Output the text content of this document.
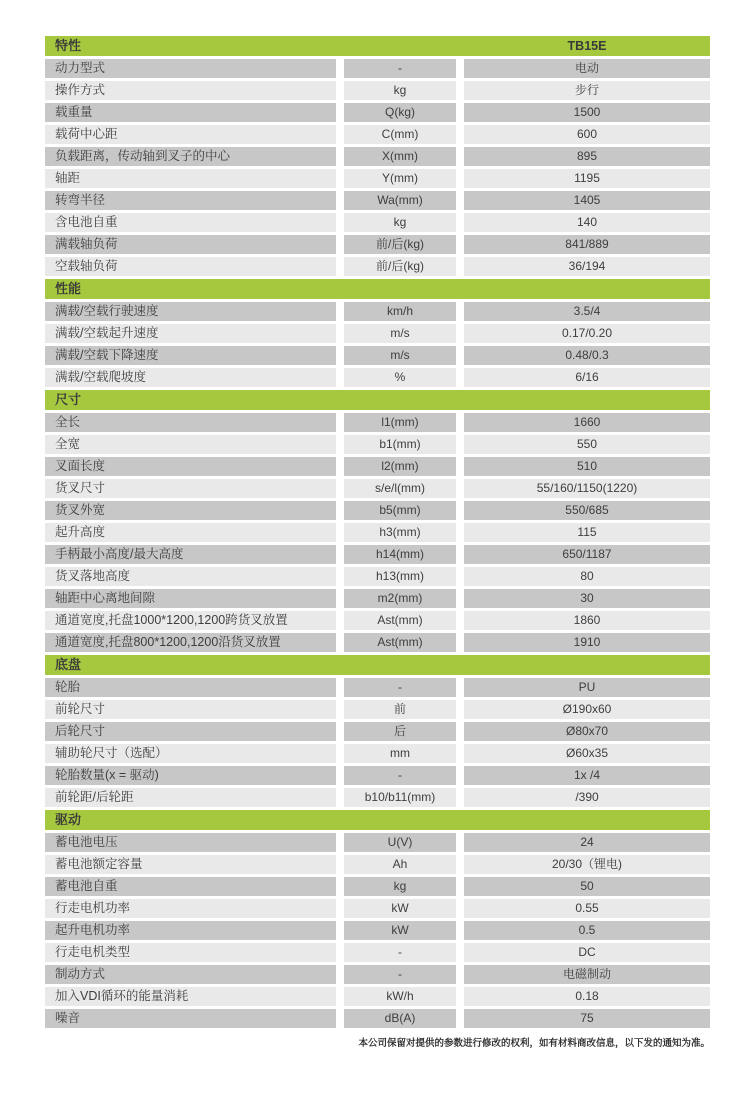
特性	TB15E
动力型式	-	电动
操作方式	kg	步行
载重量	Q(kg)	1500
载荷中心距	C(mm)	600
负载距离，传动轴到叉子的中心	X(mm)	895
轴距	Y(mm)	1195
转弯半径	Wa(mm)	1405
含电池自重	kg	140
满载轴负荷	前/后(kg)	841/889
空载轴负荷	前/后(kg)	36/194
性能
满载/空载行驶速度	km/h	3.5/4
满载/空载起升速度	m/s	0.17/0.20
满载/空载下降速度	m/s	0.48/0.3
满载/空载爬坡度	%	6/16
尺寸
全长	l1(mm)	1660
全宽	b1(mm)	550
叉面长度	l2(mm)	510
货叉尺寸	s/e/l(mm)	55/160/1150(1220)
货叉外宽	b5(mm)	550/685
起升高度	h3(mm)	115
手柄最小高度/最大高度	h14(mm)	650/1187
货叉落地高度	h13(mm)	80
轴距中心离地间隙	m2(mm)	30
通道宽度,托盘1000*1200,1200跨货叉放置	Ast(mm)	1860
通道宽度,托盘800*1200,1200沿货叉放置	Ast(mm)	1910
底盘
轮胎	-	PU
前轮尺寸	前	Ø190x60
后轮尺寸	后	Ø80x70
辅助轮尺寸（选配）	mm	Ø60x35
轮胎数量(x = 驱动)	-	1x /4
前轮距/后轮距	b10/b11(mm)	/390
驱动
蓄电池电压	U(V)	24
蓄电池额定容量	Ah	20/30（锂电)
蓄电池自重	kg	50
行走电机功率	kW	0.55
起升电机功率	kW	0.5
行走电机类型	-	DC
制动方式	-	电磁制动
加入VDI循环的能量消耗	kW/h	0.18
噪音	dB(A)	75
本公司保留对提供的参数进行修改的权利，如有材料商改信息，以下发的通知为准。
